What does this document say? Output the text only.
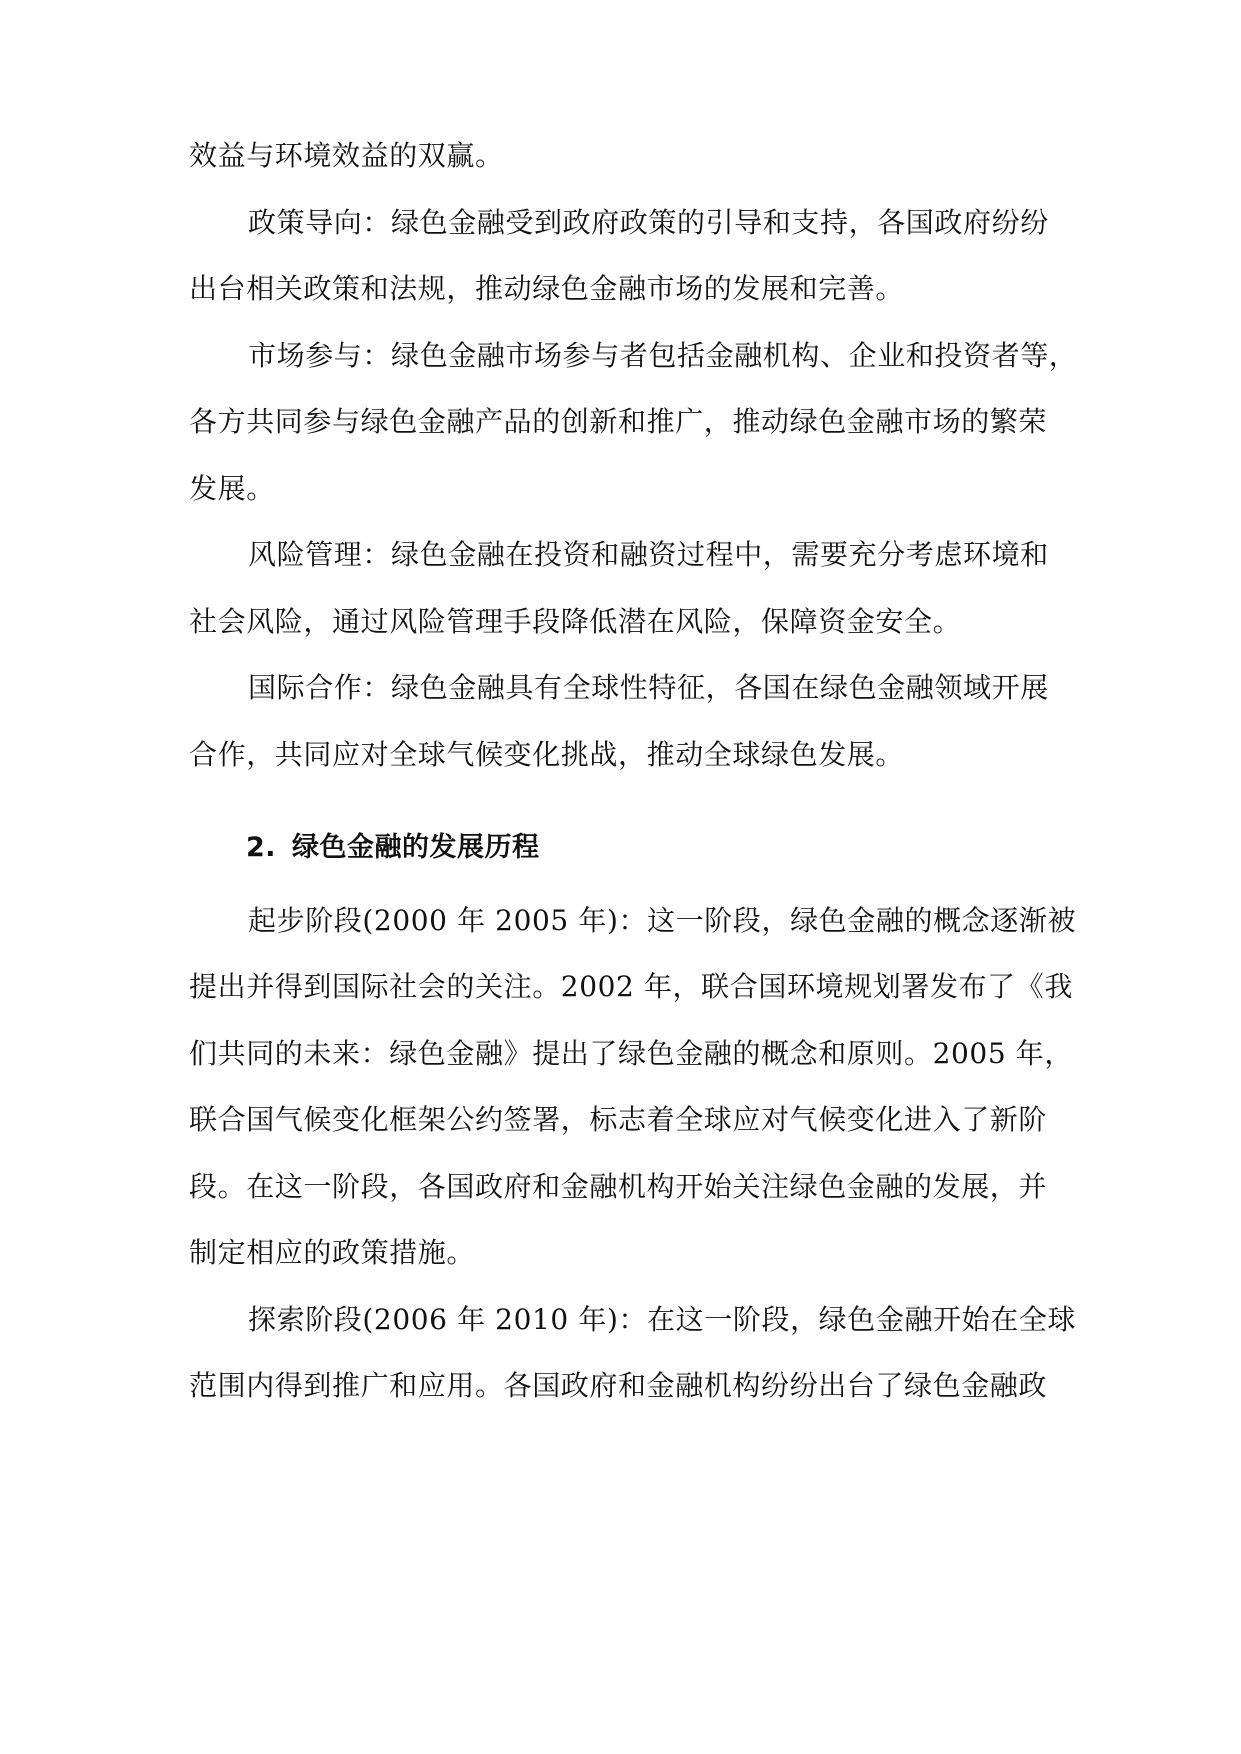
效益与环境效益的双赢。
政策导向：绿色金融受到政府政策的引导和支持，各国政府纷纷
出台相关政策和法规，推动绿色金融市场的发展和完善。
市场参与：绿色金融市场参与者包括金融机构、企业和投资者等，
各方共同参与绿色金融产品的创新和推广，推动绿色金融市场的繁荣
发展。
风险管理：绿色金融在投资和融资过程中，需要充分考虑环境和
社会风险，通过风险管理手段降低潜在风险，保障资金安全。
国际合作：绿色金融具有全球性特征，各国在绿色金融领域开展
合作，共同应对全球气候变化挑战，推动全球绿色发展。
2. 绿色金融的发展历程
起步阶段(2000 年 2005 年)：这一阶段，绿色金融的概念逐渐被
提出并得到国际社会的关注。2002 年，联合国环境规划署发布了《我
们共同的未来：绿色金融》提出了绿色金融的概念和原则。2005 年，
联合国气候变化框架公约签署，标志着全球应对气候变化进入了新阶
段。在这一阶段，各国政府和金融机构开始关注绿色金融的发展，并
制定相应的政策措施。
探索阶段(2006 年 2010 年)：在这一阶段，绿色金融开始在全球
范围内得到推广和应用。各国政府和金融机构纷纷出台了绿色金融政
